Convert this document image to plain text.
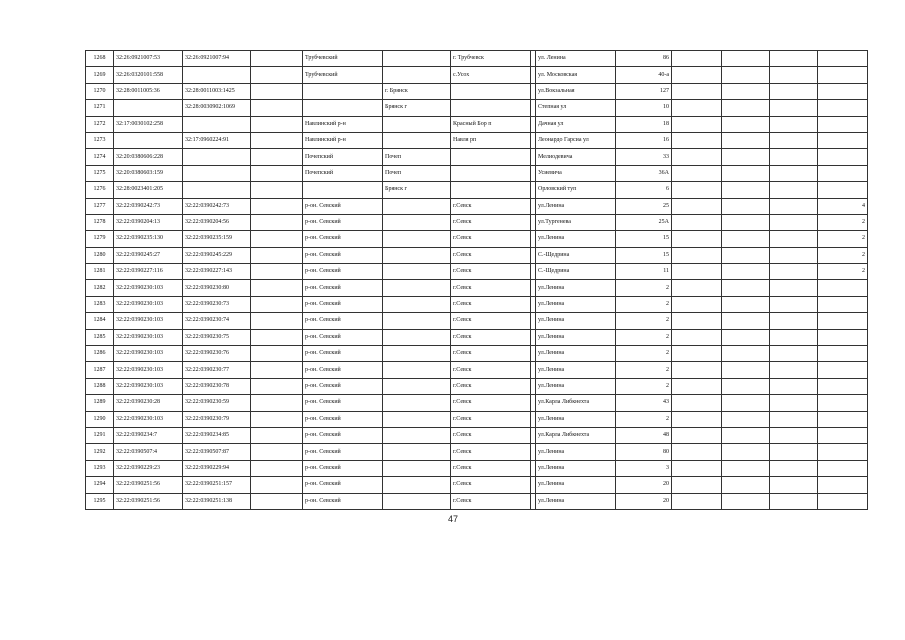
1268	32:26:0921007:53	32:26:0921007:94		Трубчевский		г. Трубчевск		ул. Ленина	86				
1269	32:26:0320101:558			Трубчевский		с.Усох		ул. Московская	40-а				
1270	32:28:0011005:36	32:28:0011003:1425			г. Брянск			ул.Вокзальная	127				
1271		32:28:0030902:1069			Брянск г			Степная ул	10				
1272	32:17:0030102:258			Навлинский р-н		Красный Бор п		Дачная ул	18				
1273		32:17:0960224:91		Навлинский р-н		Навля рп		Леонардо Гарсиа ул	16				
1274	32:20:0380606:228			Почепский	Почеп			Мелиодевича	33				
1275	32:20:0380603:159			Почепский	Почеп			Усиевича	36А				
1276	32:28:0023401:205				Брянск г			Орловский туп	6				
1277	32:22:0390242:73	32:22:0390242:73		р-он. Севский		г.Севск		ул.Ленина	25				4
1278	32:22:0390204:13	32:22:0390204:56		р-он. Севский		г.Севск		ул.Тургенева	25А				2
1279	32:22:0390235:130	32:22:0390235:159		р-он. Севский		г.Севск		ул.Ленина	15				2
1280	32:22:0390245:27	32:22:0390245:229		р-он. Севский		г.Севск		С.-Щедрина	15				2
1281	32:22:0390227:116	32:22:0390227:143		р-он. Севский		г.Севск		С.-Щедрина	11				2
1282	32:22:0390230:103	32:22:0390230:80		р-он. Севский		г.Севск		ул.Ленина	2				
1283	32:22:0390230:103	32:22:0390230:73		р-он. Севский		г.Севск		ул.Ленина	2				
1284	32:22:0390230:103	32:22:0390230:74		р-он. Севский		г.Севск		ул.Ленина	2				
1285	32:22:0390230:103	32:22:0390230:75		р-он. Севский		г.Севск		ул.Ленина	2				
1286	32:22:0390230:103	32:22:0390230:76		р-он. Севский		г.Севск		ул.Ленина	2				
1287	32:22:0390230:103	32:22:0390230:77		р-он. Севский		г.Севск		ул.Ленина	2				
1288	32:22:0390230:103	32:22:0390230:78		р-он. Севский		г.Севск		ул.Ленина	2				
1289	32:22:0390230:28	32:22:0390230:59		р-он. Севский		г.Севск		ул.Карла Либкнехта	43				
1290	32:22:0390230:103	32:22:0390230:79		р-он. Севский		г.Севск		ул.Ленина	2				
1291	32:22:0390234:7	32:22:0390234:85		р-он. Севский		г.Севск		ул.Карла Либкнехта	48				
1292	32:22:0390507:4	32:22:0390507:87		р-он. Севский		г.Севск		ул.Ленина	80				
1293	32:22:0390229:23	32:22:0390229:94		р-он. Севский		г.Севск		ул.Ленина	3				
1294	32:22:0390251:56	32:22:0390251:157		р-он. Севский		г.Севск		ул.Ленина	20				
1295	32:22:0390251:56	32:22:0390251:138		р-он. Севский		г.Севск		ул.Ленина	20				
47
